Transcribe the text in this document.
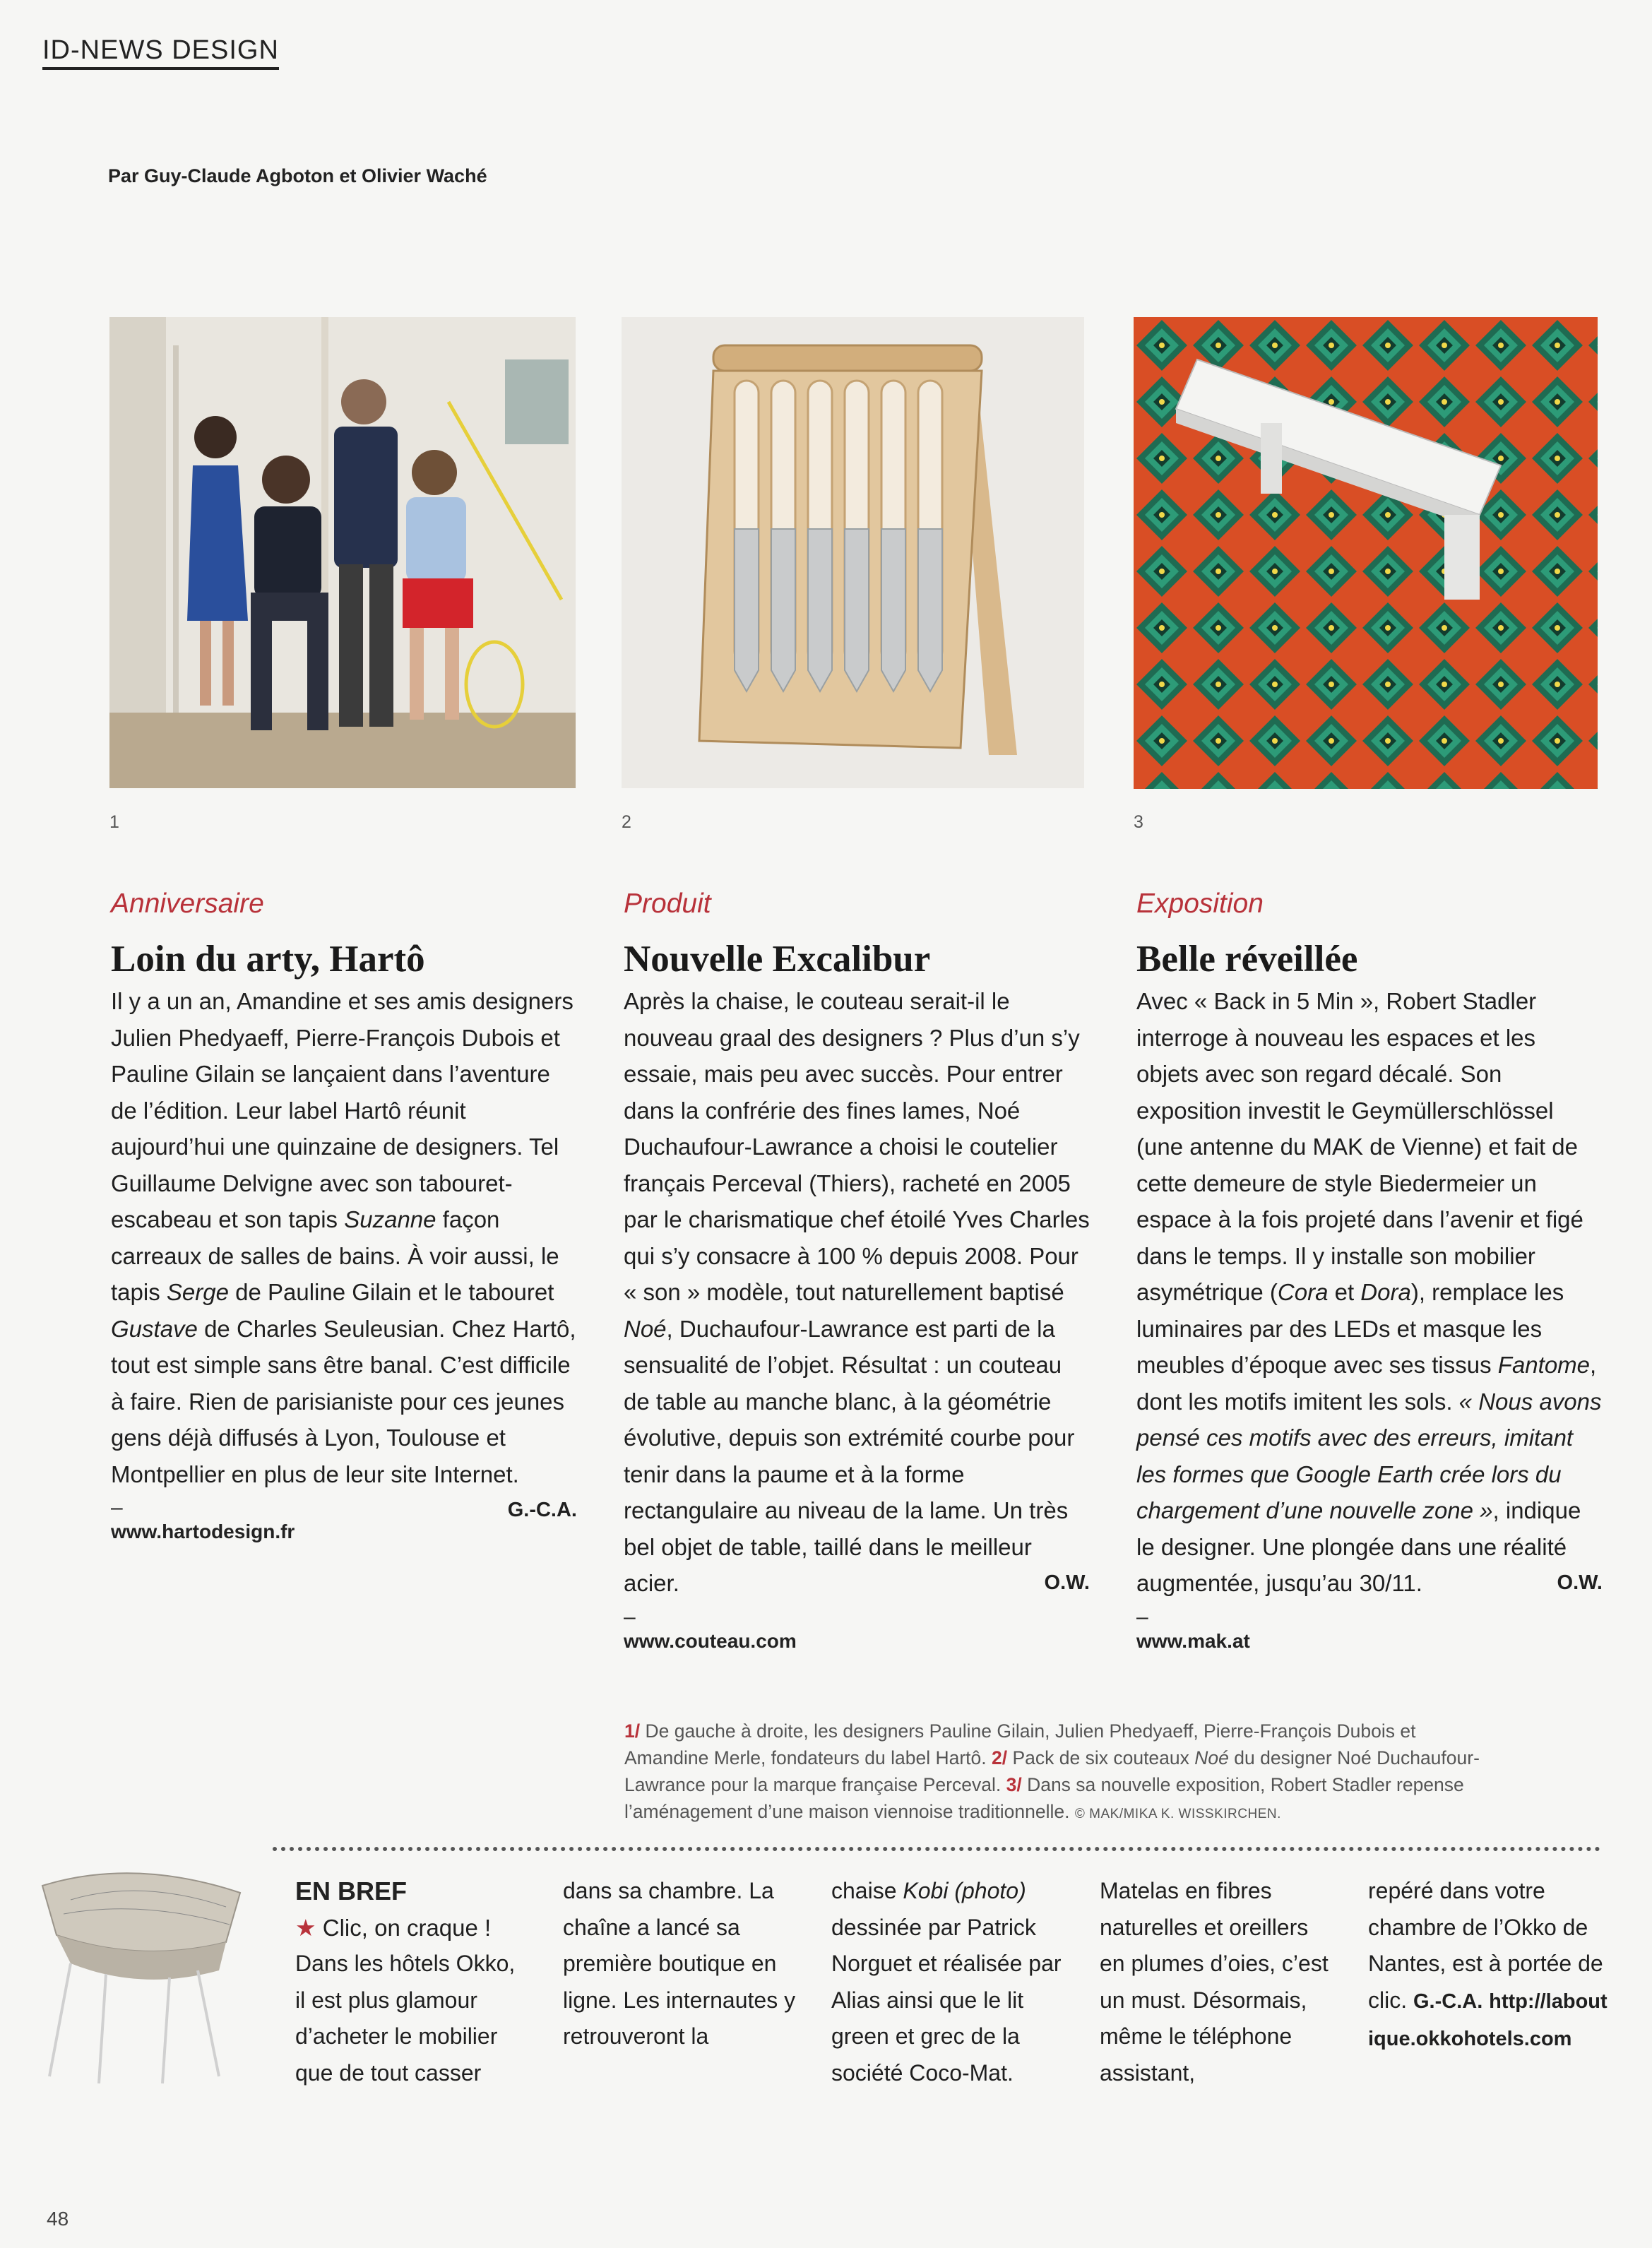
ID-NEWS DESIGN
Par Guy-Claude Agboton et Olivier Waché
1	2	3
Anniversaire
Loin du arty, Hartô
Il y a un an, Amandine et ses amis designers Julien Phedyaeff, Pierre-François Dubois et Pauline Gilain se lançaient dans l’aventure de l’édition. Leur label Hartô réunit aujourd’hui une quinzaine de designers. Tel Guillaume Delvigne avec son tabouret-escabeau et son tapis Suzanne façon carreaux de salles de bains. À voir aussi, le tapis Serge de Pauline Gilain et le tabouret Gustave de Charles Seuleusian. Chez Hartô, tout est simple sans être banal. C’est difficile à faire. Rien de parisianiste pour ces jeunes gens déjà diffusés à Lyon, Toulouse et Montpellier en plus de leur site Internet.
G.-C.A.
–
www.hartodesign.fr
Produit
Nouvelle Excalibur
Après la chaise, le couteau serait-il le nouveau graal des designers ? Plus d’un s’y essaie, mais peu avec succès. Pour entrer dans la confrérie des fines lames, Noé Duchaufour-Lawrance a choisi le coutelier français Perceval (Thiers), racheté en 2005 par le charismatique chef étoilé Yves Charles qui s’y consacre à 100 % depuis 2008. Pour « son » modèle, tout naturellement baptisé Noé, Duchaufour-Lawrance est parti de la sensualité de l’objet. Résultat : un couteau de table au manche blanc, à la géométrie évolutive, depuis son extrémité courbe pour tenir dans la paume et à la forme rectangulaire au niveau de la lame. Un très bel objet de table, taillé dans le meilleur acier.	O.W.
–
www.couteau.com
Exposition
Belle réveillée
Avec « Back in 5 Min », Robert Stadler interroge à nouveau les espaces et les objets avec son regard décalé. Son exposition investit le Geymüllerschlössel (une antenne du MAK de Vienne) et fait de cette demeure de style Biedermeier un espace à la fois projeté dans l’avenir et figé dans le temps. Il y installe son mobilier asymétrique (Cora et Dora), remplace les luminaires par des LEDs et masque les meubles d’époque avec ses tissus Fantome, dont les motifs imitent les sols. « Nous avons pensé ces motifs avec des erreurs, imitant les formes que Google Earth crée lors du chargement d’une nouvelle zone », indique le designer. Une plongée dans une réalité augmentée, jusqu’au 30/11.	O.W.
–
www.mak.at
1/ De gauche à droite, les designers Pauline Gilain, Julien Phedyaeff, Pierre-François Dubois et Amandine Merle, fondateurs du label Hartô. 2/ Pack de six couteaux Noé du designer Noé Duchaufour-Lawrance pour la marque française Perceval. 3/ Dans sa nouvelle exposition, Robert Stadler repense l’aménagement d’une maison viennoise traditionnelle. © MAK/MIKA K. WISSKIRCHEN.
EN BREF
★ Clic, on craque !
Dans les hôtels Okko, il est plus glamour d’acheter le mobilier que de tout casser
dans sa chambre. La chaîne a lancé sa première boutique en ligne. Les internautes y retrouveront la
chaise Kobi (photo) dessinée par Patrick Norguet et réalisée par Alias ainsi que le lit green et grec de la société Coco-Mat.
Matelas en fibres naturelles et oreillers en plumes d’oies, c’est un must. Désormais, même le téléphone assistant,
repéré dans votre chambre de l’Okko de Nantes, est à portée de clic. G.-C.A. http://laboutique.okkohotels.com
48
